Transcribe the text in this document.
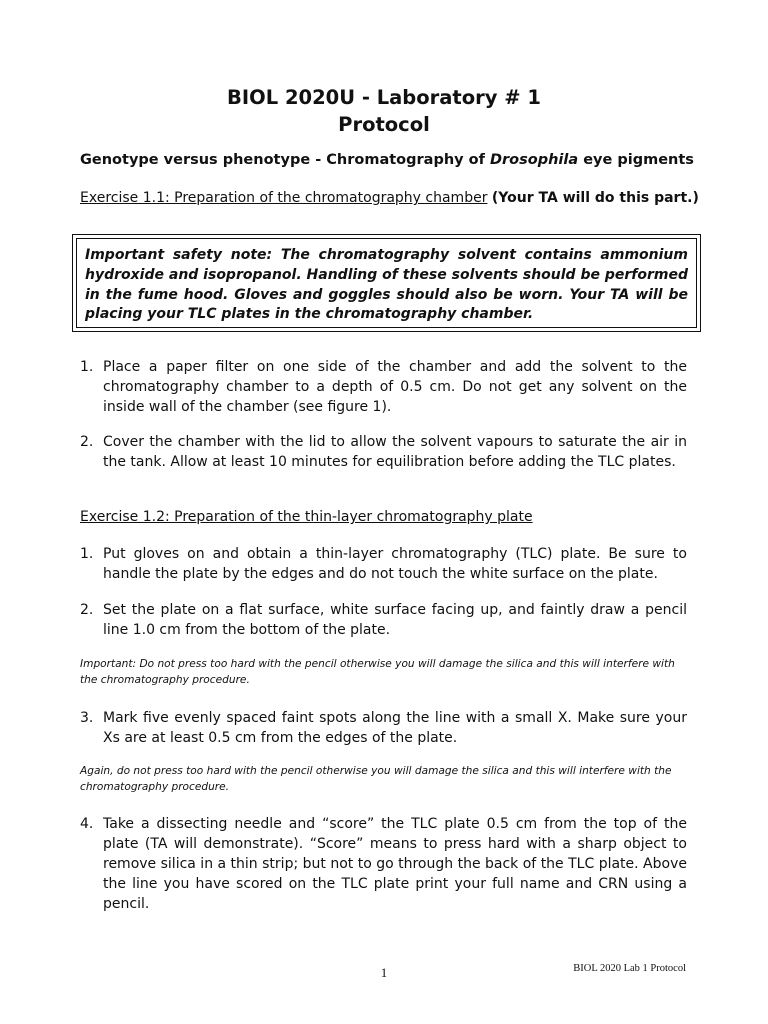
BIOL 2020U - Laboratory # 1
Protocol
Genotype versus phenotype - Chromatography of Drosophila eye pigments
Exercise 1.1: Preparation of the chromatography chamber (Your TA will do this part.)
Important safety note: The chromatography solvent contains ammonium hydroxide and isopropanol. Handling of these solvents should be performed in the fume hood. Gloves and goggles should also be worn. Your TA will be placing your TLC plates in the chromatography chamber.
1. Place a paper filter on one side of the chamber and add the solvent to the chromatography chamber to a depth of 0.5 cm. Do not get any solvent on the inside wall of the chamber (see figure 1).
2. Cover the chamber with the lid to allow the solvent vapours to saturate the air in the tank. Allow at least 10 minutes for equilibration before adding the TLC plates.
Exercise 1.2: Preparation of the thin-layer chromatography plate
1. Put gloves on and obtain a thin-layer chromatography (TLC) plate. Be sure to handle the plate by the edges and do not touch the white surface on the plate.
2. Set the plate on a flat surface, white surface facing up, and faintly draw a pencil line 1.0 cm from the bottom of the plate.
Important: Do not press too hard with the pencil otherwise you will damage the silica and this will interfere with the chromatography procedure.
3. Mark five evenly spaced faint spots along the line with a small X. Make sure your Xs are at least 0.5 cm from the edges of the plate.
Again, do not press too hard with the pencil otherwise you will damage the silica and this will interfere with the chromatography procedure.
4. Take a dissecting needle and “score” the TLC plate 0.5 cm from the top of the plate (TA will demonstrate). “Score” means to press hard with a sharp object to remove silica in a thin strip; but not to go through the back of the TLC plate. Above the line you have scored on the TLC plate print your full name and CRN using a pencil.
1	BIOL 2020 Lab 1 Protocol
